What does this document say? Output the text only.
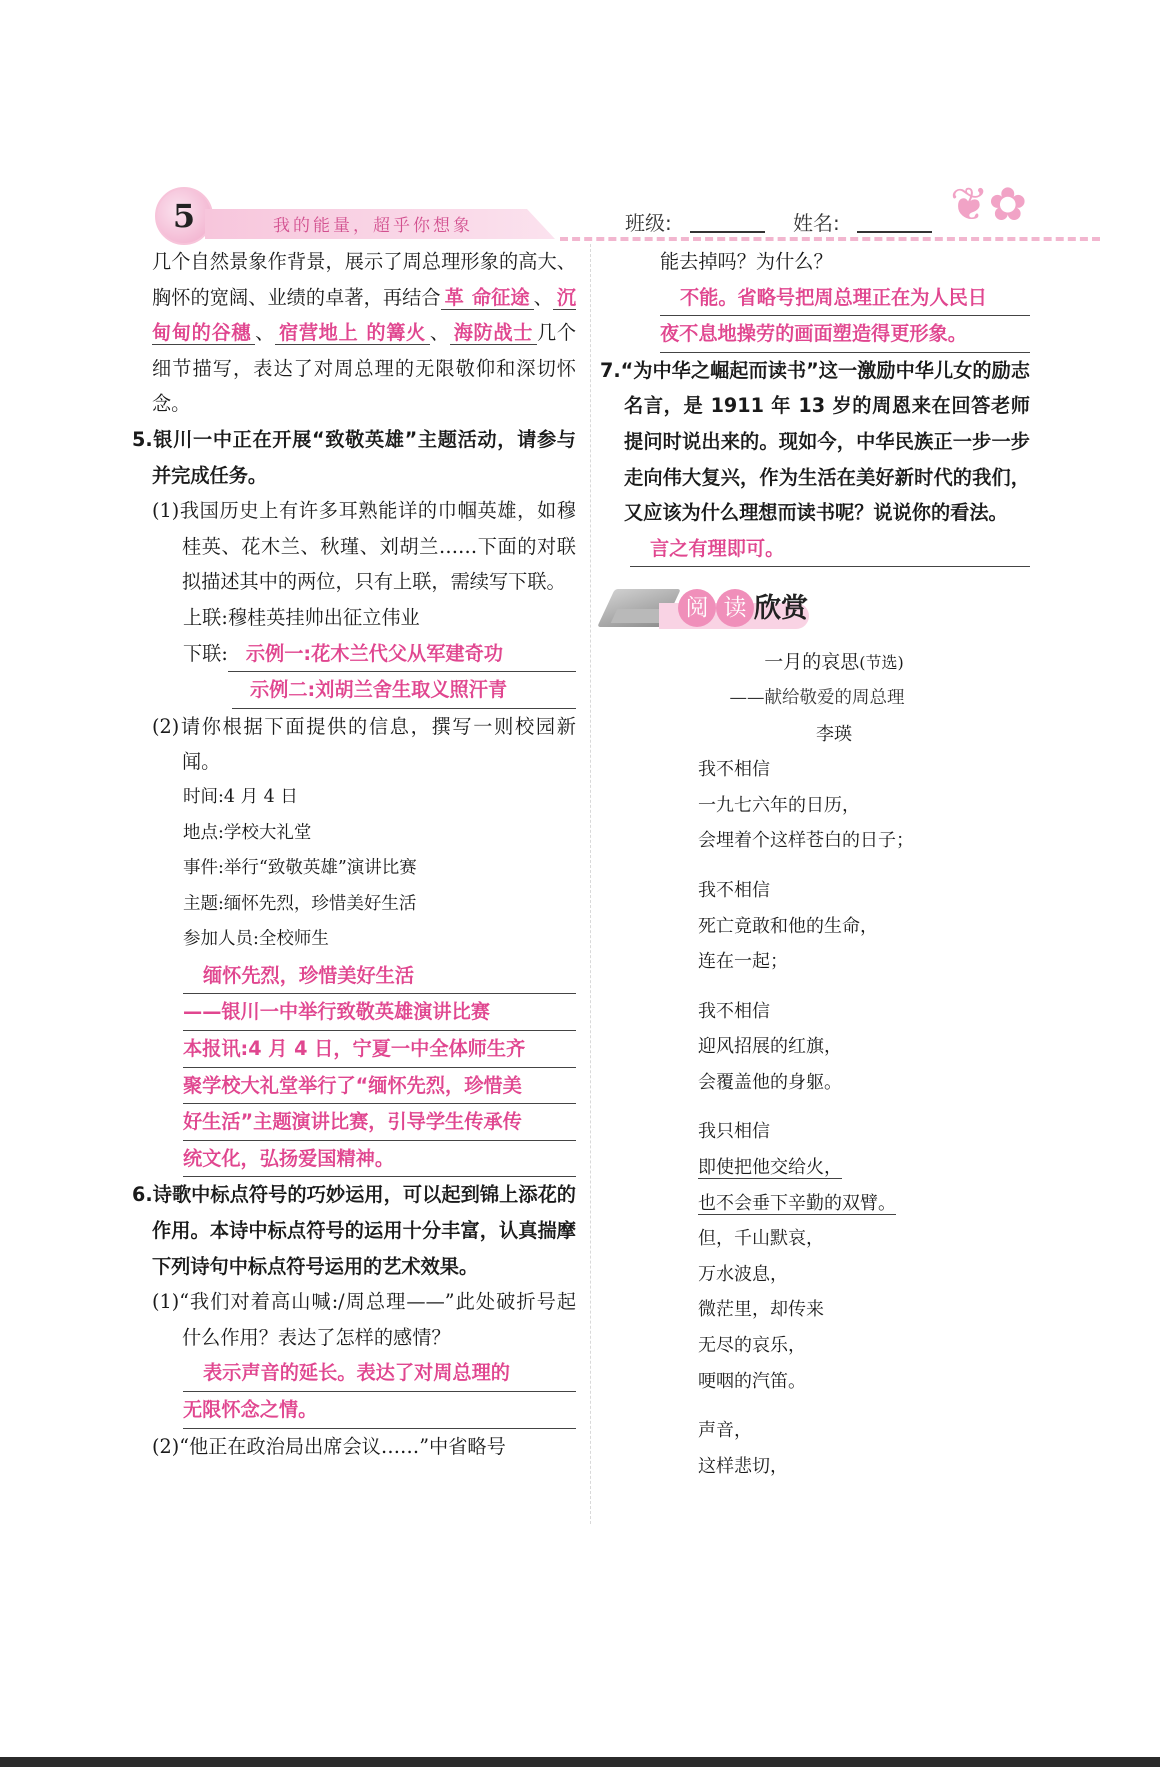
5	我的能量，超乎你想象	班级:	姓名: ❦✿
几个自然景象作背景，展示了周总理形象的高大、胸怀的宽阔、业绩的卓著，再结合 革 命征途 、 沉甸甸的谷穗 、 宿营地上 的篝火 、 海防战士 几个细节描写，表达了对周总理的无限敬仰和深切怀念。
5.银川一中正在开展“致敬英雄”主题活动，请参与并完成任务。
(1)我国历史上有许多耳熟能详的巾帼英雄，如穆桂英、花木兰、秋瑾、刘胡兰……下面的对联拟描述其中的两位，只有上联，需续写下联。
上联:穆桂英挂帅出征立伟业
下联: 示例一:花木兰代父从军建奇功
示例二:刘胡兰舍生取义照汗青
(2)请你根据下面提供的信息，撰写一则校园新闻。
时间:4 月 4 日
地点:学校大礼堂
事件:举行“致敬英雄”演讲比赛
主题:缅怀先烈，珍惜美好生活
参加人员:全校师生
缅怀先烈，珍惜美好生活
——银川一中举行致敬英雄演讲比赛
本报讯:4 月 4 日，宁夏一中全体师生齐
聚学校大礼堂举行了“缅怀先烈，珍惜美
好生活”主题演讲比赛，引导学生传承传
统文化，弘扬爱国精神。
6.诗歌中标点符号的巧妙运用，可以起到锦上添花的作用。本诗中标点符号的运用十分丰富，认真揣摩下列诗句中标点符号运用的艺术效果。
(1)“我们对着高山喊:/周总理——”此处破折号起什么作用？表达了怎样的感情？
表示声音的延长。表达了对周总理的
无限怀念之情。
(2)“他正在政治局出席会议……”中省略号
能去掉吗？为什么？
不能。省略号把周总理正在为人民日
夜不息地操劳的画面塑造得更形象。
7.“为中华之崛起而读书”这一激励中华儿女的励志名言，是 1911 年 13 岁的周恩来在回答老师提问时说出来的。现如今，中华民族正一步一步走向伟大复兴，作为生活在美好新时代的我们，又应该为什么理想而读书呢？说说你的看法。
言之有理即可。
阅 读 欣赏
一月的哀思(节选)
——献给敬爱的周总理
李瑛
我不相信
一九七六年的日历，
会埋着个这样苍白的日子；
我不相信
死亡竟敢和他的生命，
连在一起；
我不相信
迎风招展的红旗，
会覆盖他的身躯。
我只相信
即使把他交给火，
也不会垂下辛勤的双臂。
但，千山默哀，
万水波息，
微茫里，却传来
无尽的哀乐，
哽咽的汽笛。
声音，
这样悲切，
